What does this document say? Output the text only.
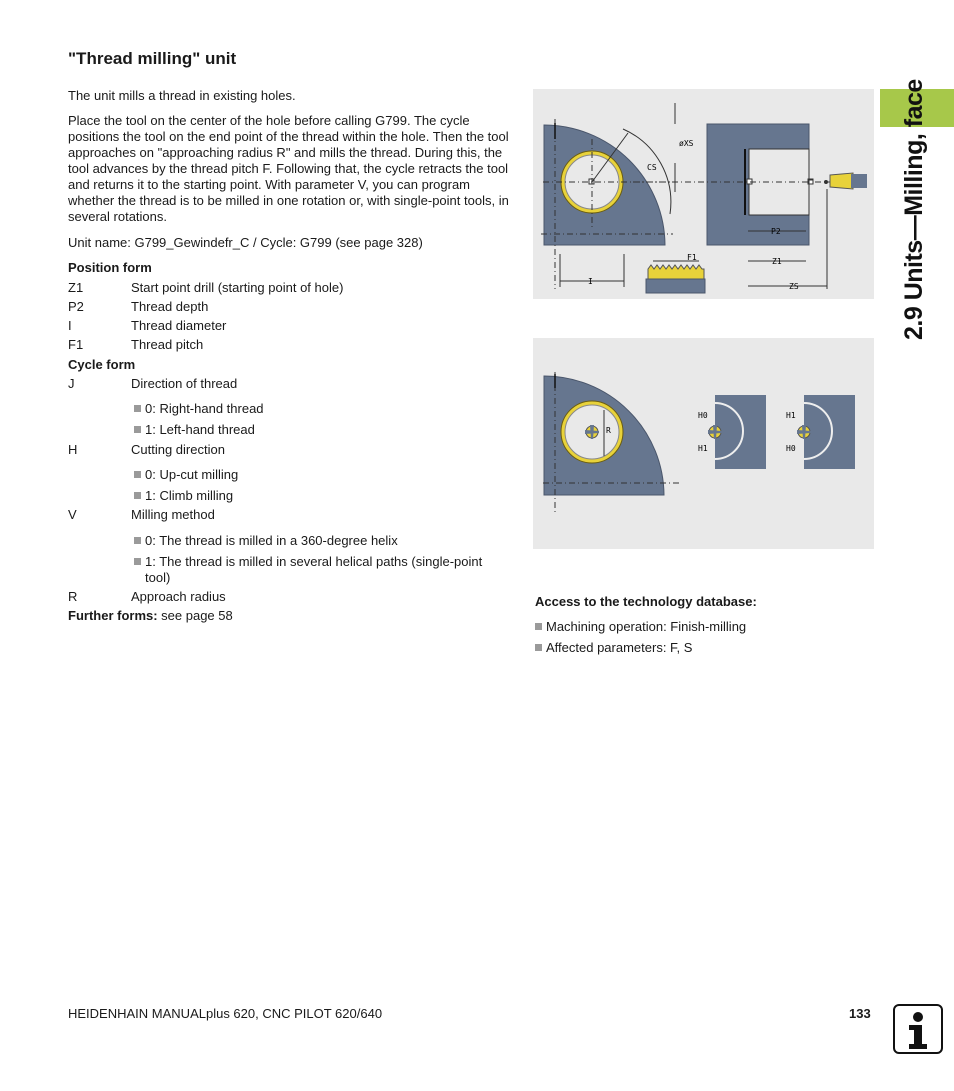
2.9 Units—Milling, face
"Thread milling" unit

The unit mills a thread in existing holes.

Place the tool on the center of the hole before calling G799. The cycle positions the tool on the end point of the thread within the hole. Then the tool approaches on "approaching radius R" and mills the thread. During this, the tool advances by the thread pitch F. Following that, the cycle retracts the tool and returns it to the starting point. With parameter V, you can program whether the thread is to be milled in one rotation or, with single-point tools, in several rotations.

Unit name: G799_Gewindefr_C / Cycle: G799 (see page 328)

Position form
Z1	Start point drill (starting point of hole)
P2	Thread depth
I	Thread diameter
F1	Thread pitch
Cycle form
J	Direction of thread
0: Right-hand thread
1: Left-hand thread
H	Cutting direction
0: Up-cut milling
1: Climb milling
V	Milling method
0: The thread is milled in a 360-degree helix
1: The thread is milled in several helical paths (single-point tool)
R	Approach radius
Further forms: see page 58
øXS
CS
P2
F1	Z1
I
ZS
R
H0
H1
H1
H0
Access to the technology database:
Machining operation: Finish-milling
Affected parameters: F, S
HEIDENHAIN MANUALplus 620, CNC PILOT 620/640	133
